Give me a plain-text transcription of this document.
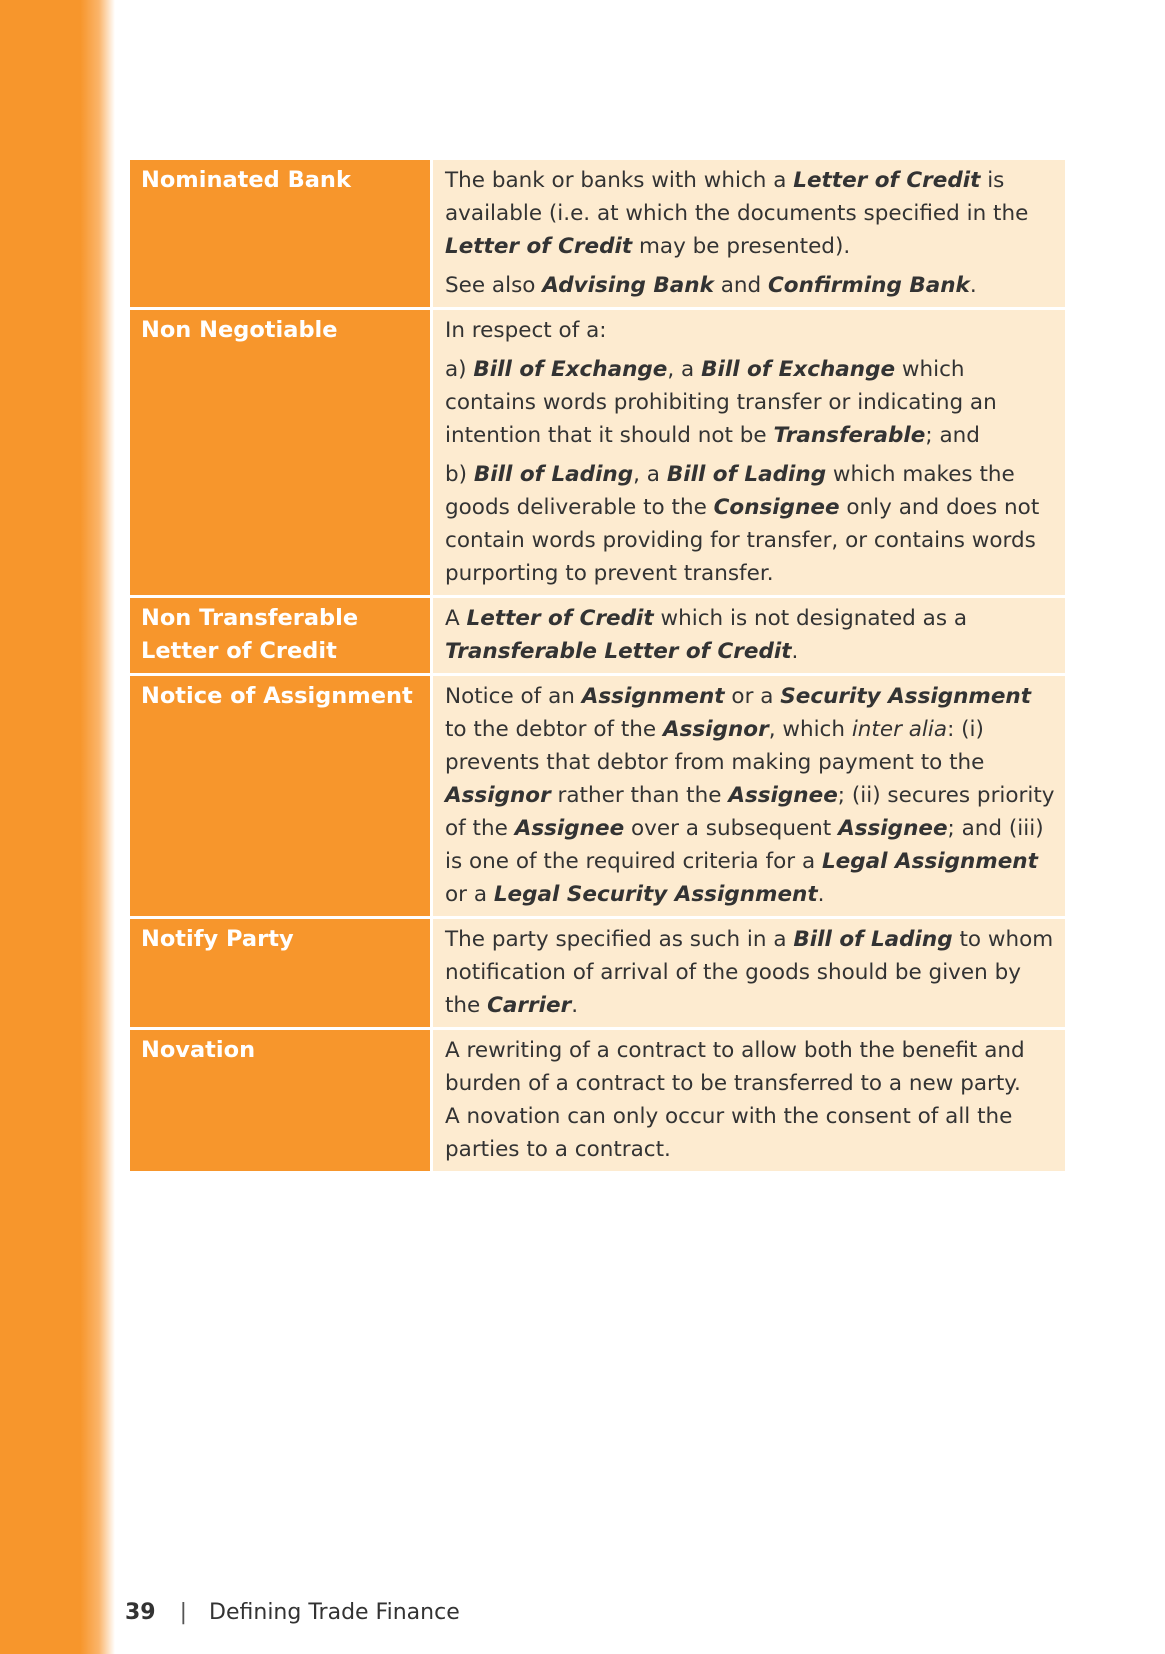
Nominated Bank	The bank or banks with which a Letter of Credit is available (i.e. at which the documents specified in the Letter of Credit may be presented).

See also Advising Bank and Confirming Bank.

Non Negotiable	In respect of a:

a) Bill of Exchange, a Bill of Exchange which contains words prohibiting transfer or indicating an intention that it should not be Transferable; and

b) Bill of Lading, a Bill of Lading which makes the goods deliverable to the Consignee only and does not contain words providing for transfer, or contains words purporting to prevent transfer.

Non Transferable Letter of Credit	A Letter of Credit which is not designated as a Transferable Letter of Credit.

Notice of Assignment	Notice of an Assignment or a Security Assignment to the debtor of the Assignor, which inter alia: (i) prevents that debtor from making payment to the Assignor rather than the Assignee; (ii) secures priority of the Assignee over a subsequent Assignee; and (iii) is one of the required criteria for a Legal Assignment or a Legal Security Assignment.

Notify Party	The party specified as such in a Bill of Lading to whom notification of arrival of the goods should be given by the Carrier.

Novation	A rewriting of a contract to allow both the benefit and burden of a contract to be transferred to a new party.

A novation can only occur with the consent of all the parties to a contract.

39 | Defining Trade Finance
